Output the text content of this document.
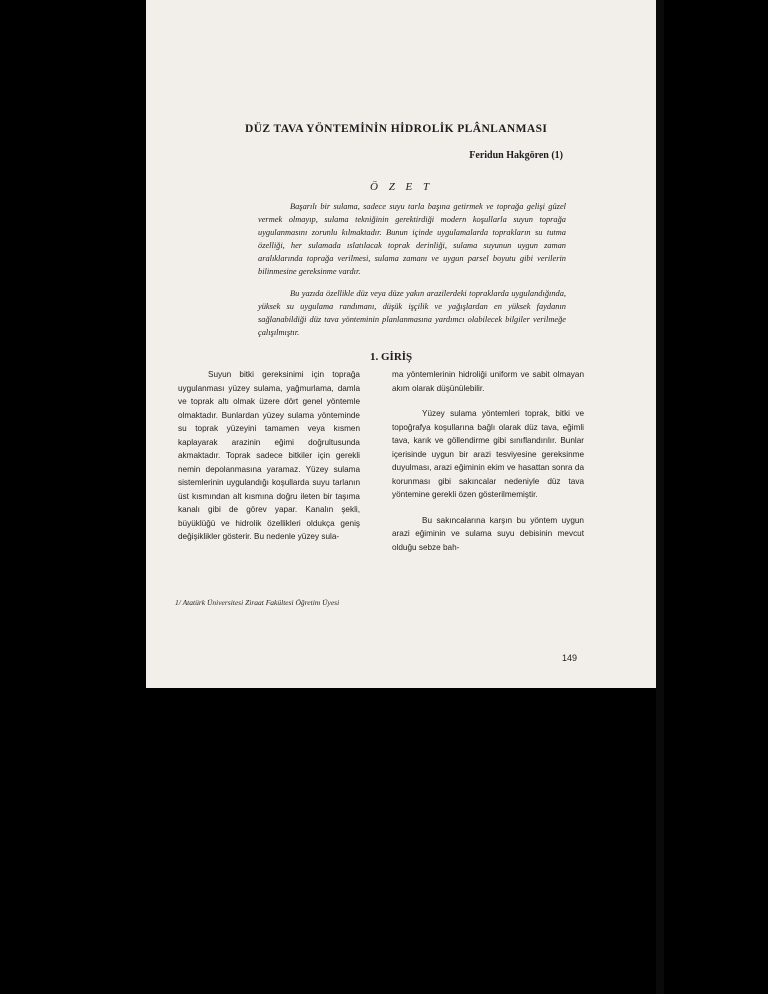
DÜZ TAVA YÖNTEMİNİN HİDROLİK PLÂNLANMASI
Feridun Hakgören (1)
Ö Z E T

Başarılı bir sulama, sadece suyu tarla başına getirmek ve toprağa gelişi güzel vermek olmayıp, sulama tekniğinin gerektirdiği modern koşullarla suyun toprağa uygulanmasını zorunlu kılmaktadır. Bunun içinde uygulamalarda toprakların su tutma özelliği, her sulamada ıslatılacak toprak derinliği, sulama suyunun uygun zaman aralıklarında toprağa verilmesi, sulama zamanı ve uygun parsel boyutu gibi verilerin bilinmesine gereksinme vardır.

Bu yazıda özellikle düz veya düze yakın arazilerdeki topraklarda uygulandığında, yüksek su uygulama randımanı, düşük işçilik ve yağışlardan en yüksek faydanın sağlanabildiği düz tava yönteminin planlanmasına yardımcı olabilecek bilgiler verilmeğe çalışılmıştır.

1. GİRİŞ

Suyun bitki gereksinimi için toprağa uygulanması yüzey sulama, yağmurlama, damla ve toprak altı olmak üzere dört genel yöntemle olmaktadır. Bunlardan yüzey sulama yönteminde su toprak yüzeyini tamamen veya kısmen kaplayarak arazinin eğimi doğrultusunda akmaktadır. Toprak sadece bitkiler için gerekli nemin depolanmasına yaramaz. Yüzey sulama sistemlerinin uygulandığı koşullarda suyu tarlanın üst kısmından alt kısmına doğru ileten bir taşıma kanalı gibi de görev yapar. Kanalın şekli, büyüklüğü ve hidrolik özellikleri oldukça geniş değişiklikler gösterir. Bu nedenle yüzey sula-

ma yöntemlerinin hidroliği uniform ve sabit olmayan akım olarak düşünülebilir.

Yüzey sulama yöntemleri toprak, bitki ve topoğrafya koşullarına bağlı olarak düz tava, eğimli tava, karık ve göllendirme gibi sınıflandırılır. Bunlar içerisinde uygun bir arazi tesviyesine gereksinme duyulması, arazi eğiminin ekim ve hasattan sonra da korunması gibi sakıncalar nedeniyle düz tava yöntemine gerekli özen gösterilmemiştir.

Bu sakıncalarına karşın bu yöntem uygun arazi eğiminin ve sulama suyu debisinin mevcut olduğu sebze bah-

1/ Atatürk Üniversitesi Ziraat Fakültesi Öğretim Üyesi
149
